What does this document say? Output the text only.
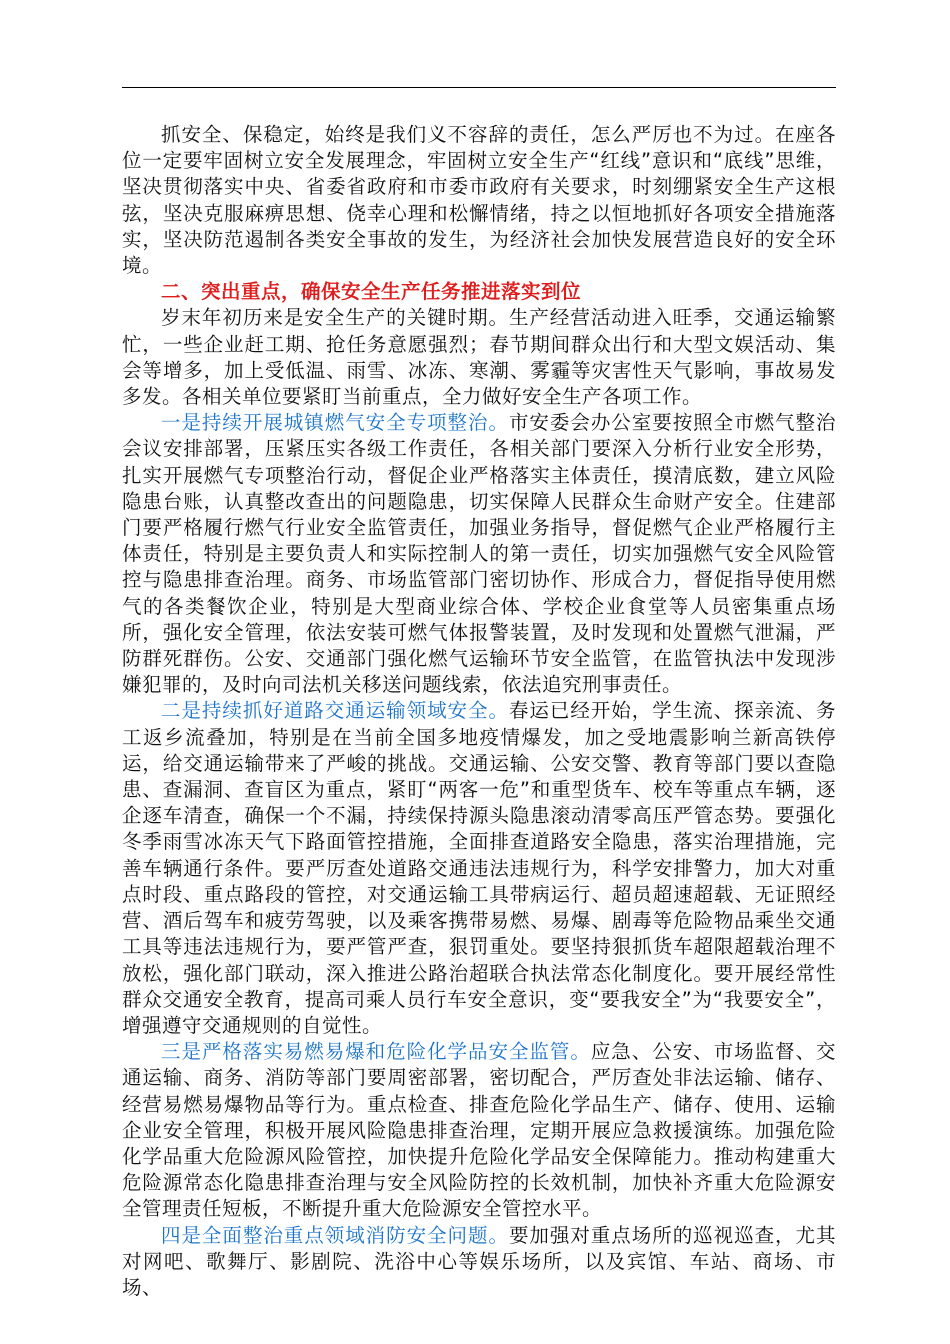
抓安全、保稳定，始终是我们义不容辞的责任，怎么严厉也不为过。在座各位一定要牢固树立安全发展理念，牢固树立安全生产“红线”意识和“底线”思维，坚决贯彻落实中央、省委省政府和市委市政府有关要求，时刻绷紧安全生产这根弦，坚决克服麻痹思想、侥幸心理和松懈情绪，持之以恒地抓好各项安全措施落实，坚决防范遏制各类安全事故的发生，为经济社会加快发展营造良好的安全环境。

二、突出重点，确保安全生产任务推进落实到位

岁末年初历来是安全生产的关键时期。生产经营活动进入旺季，交通运输繁忙，一些企业赶工期、抢任务意愿强烈；春节期间群众出行和大型文娱活动、集会等增多，加上受低温、雨雪、冰冻、寒潮、雾霾等灾害性天气影响，事故易发多发。各相关单位要紧盯当前重点，全力做好安全生产各项工作。

一是持续开展城镇燃气安全专项整治。市安委会办公室要按照全市燃气整治会议安排部署，压紧压实各级工作责任，各相关部门要深入分析行业安全形势，扎实开展燃气专项整治行动，督促企业严格落实主体责任，摸清底数，建立风险隐患台账，认真整改查出的问题隐患，切实保障人民群众生命财产安全。住建部门要严格履行燃气行业安全监管责任，加强业务指导，督促燃气企业严格履行主体责任，特别是主要负责人和实际控制人的第一责任，切实加强燃气安全风险管控与隐患排查治理。商务、市场监管部门密切协作、形成合力，督促指导使用燃气的各类餐饮企业，特别是大型商业综合体、学校企业食堂等人员密集重点场所，强化安全管理，依法安装可燃气体报警装置，及时发现和处置燃气泄漏，严防群死群伤。公安、交通部门强化燃气运输环节安全监管，在监管执法中发现涉嫌犯罪的，及时向司法机关移送问题线索，依法追究刑事责任。

二是持续抓好道路交通运输领域安全。春运已经开始，学生流、探亲流、务工返乡流叠加，特别是在当前全国多地疫情爆发，加之受地震影响兰新高铁停运，给交通运输带来了严峻的挑战。交通运输、公安交警、教育等部门要以查隐患、查漏洞、查盲区为重点，紧盯“两客一危”和重型货车、校车等重点车辆，逐企逐车清查，确保一个不漏，持续保持源头隐患滚动清零高压严管态势。要强化冬季雨雪冰冻天气下路面管控措施，全面排查道路安全隐患，落实治理措施，完善车辆通行条件。要严厉查处道路交通违法违规行为，科学安排警力，加大对重点时段、重点路段的管控，对交通运输工具带病运行、超员超速超载、无证照经营、酒后驾车和疲劳驾驶，以及乘客携带易燃、易爆、剧毒等危险物品乘坐交通工具等违法违规行为，要严管严查，狠罚重处。要坚持狠抓货车超限超载治理不放松，强化部门联动，深入推进公路治超联合执法常态化制度化。要开展经常性群众交通安全教育，提高司乘人员行车安全意识，变“要我安全”为“我要安全”，增强遵守交通规则的自觉性。

三是严格落实易燃易爆和危险化学品安全监管。应急、公安、市场监督、交通运输、商务、消防等部门要周密部署，密切配合，严厉查处非法运输、储存、经营易燃易爆物品等行为。重点检查、排查危险化学品生产、储存、使用、运输企业安全管理，积极开展风险隐患排查治理，定期开展应急救援演练。加强危险化学品重大危险源风险管控，加快提升危险化学品安全保障能力。推动构建重大危险源常态化隐患排查治理与安全风险防控的长效机制，加快补齐重大危险源安全管理责任短板，不断提升重大危险源安全管控水平。

四是全面整治重点领域消防安全问题。要加强对重点场所的巡视巡查，尤其对网吧、歌舞厅、影剧院、洗浴中心等娱乐场所，以及宾馆、车站、商场、市场、
